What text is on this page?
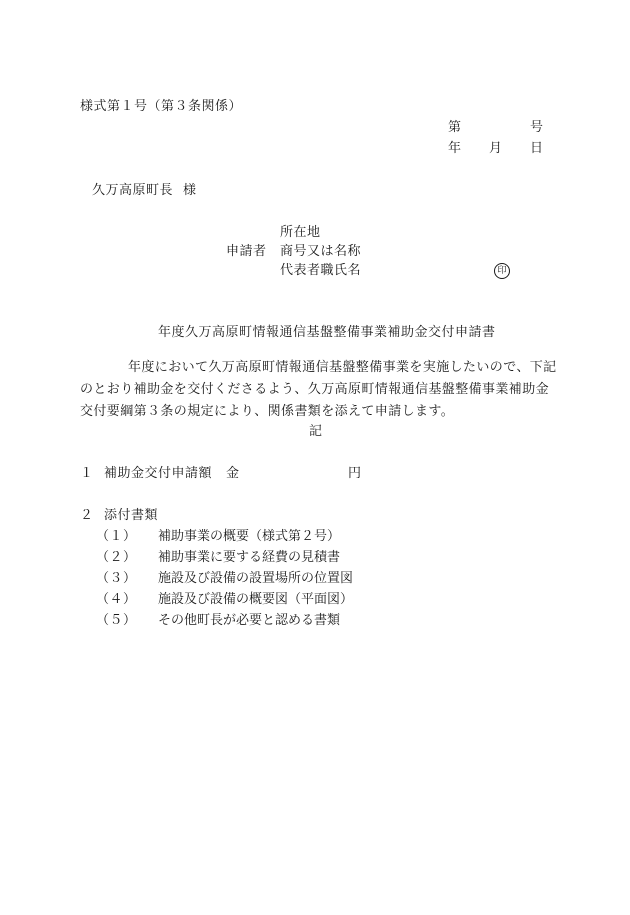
様式第１号（第３条関係）
第	号
年 月 日
久万高原町長 様
所在地
申請者 商号又は名称
代表者職氏名	印
年度久万高原町情報通信基盤整備事業補助金交付申請書
年度において久万高原町情報通信基盤整備事業を実施したいので、下記のとおり補助金を交付くださるよう、久万高原町情報通信基盤整備事業補助金交付要綱第３条の規定により、関係書類を添えて申請します。
記
１ 補助金交付申請額 金	円
２ 添付書類
（１） 補助事業の概要（様式第２号）
（２） 補助事業に要する経費の見積書
（３） 施設及び設備の設置場所の位置図
（４） 施設及び設備の概要図（平面図）
（５） その他町長が必要と認める書類
